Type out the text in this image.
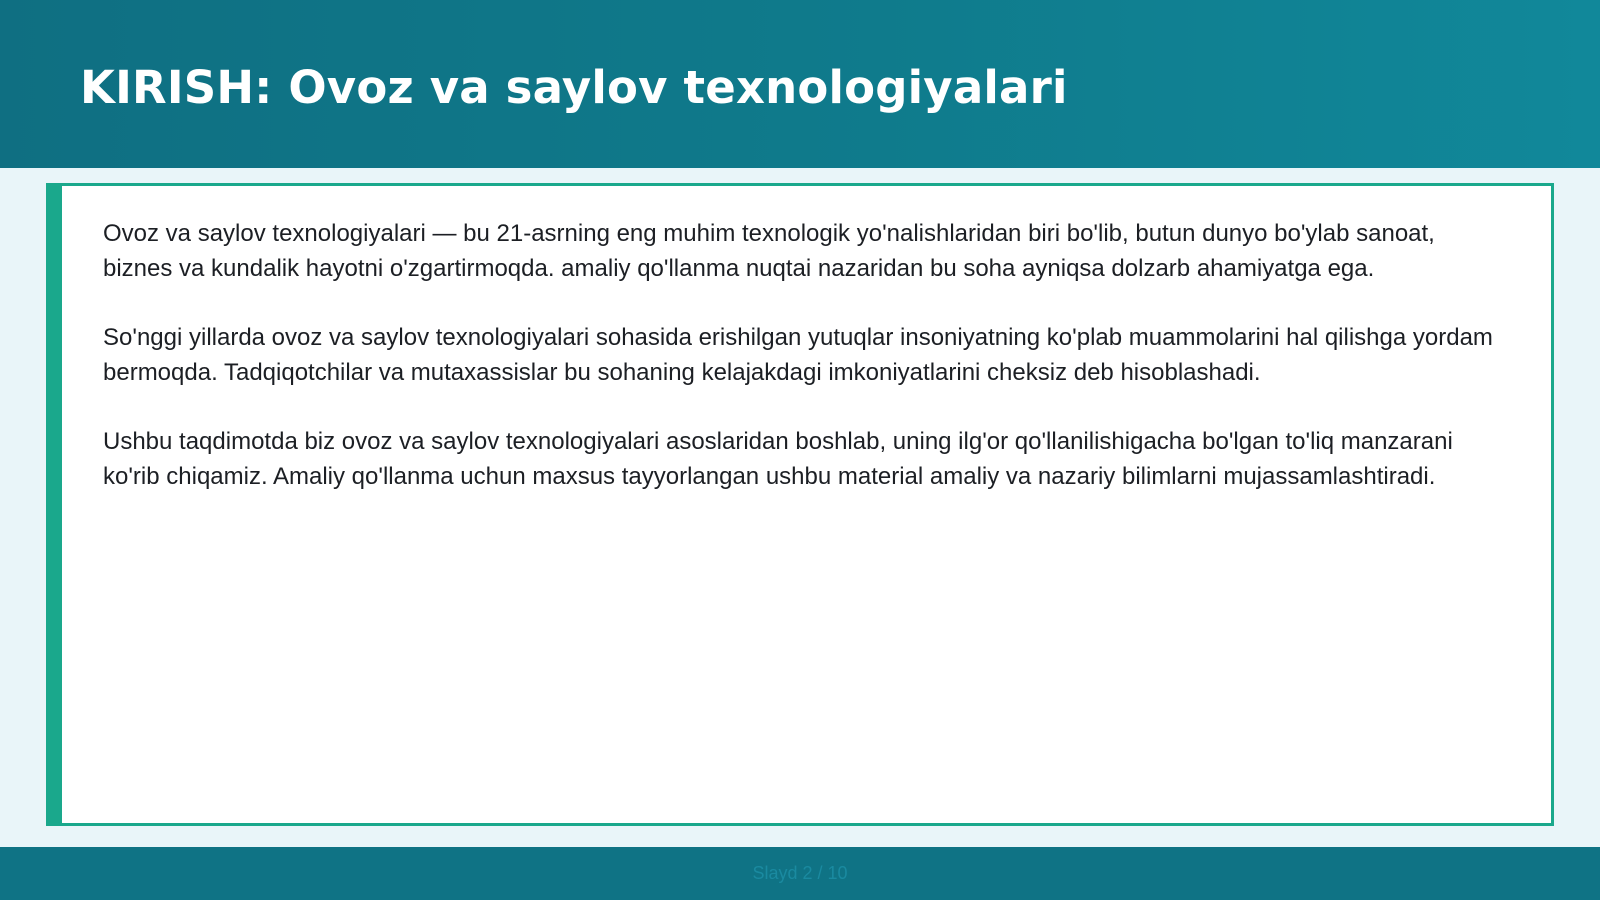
KIRISH: Ovoz va saylov texnologiyalari

Ovoz va saylov texnologiyalari — bu 21-asrning eng muhim texnologik yo'nalishlaridan biri bo'lib, butun dunyo bo'ylab sanoat, biznes va kundalik hayotni o'zgartirmoqda. amaliy qo'llanma nuqtai nazaridan bu soha ayniqsa dolzarb ahamiyatga ega.

So'nggi yillarda ovoz va saylov texnologiyalari sohasida erishilgan yutuqlar insoniyatning ko'plab muammolarini hal qilishga yordam bermoqda. Tadqiqotchilar va mutaxassislar bu sohaning kelajakdagi imkoniyatlarini cheksiz deb hisoblashadi.

Ushbu taqdimotda biz ovoz va saylov texnologiyalari asoslaridan boshlab, uning ilg'or qo'llanilishigacha bo'lgan to'liq manzarani ko'rib chiqamiz. Amaliy qo'llanma uchun maxsus tayyorlangan ushbu material amaliy va nazariy bilimlarni mujassamlashtiradi.

Slayd 2 / 10
